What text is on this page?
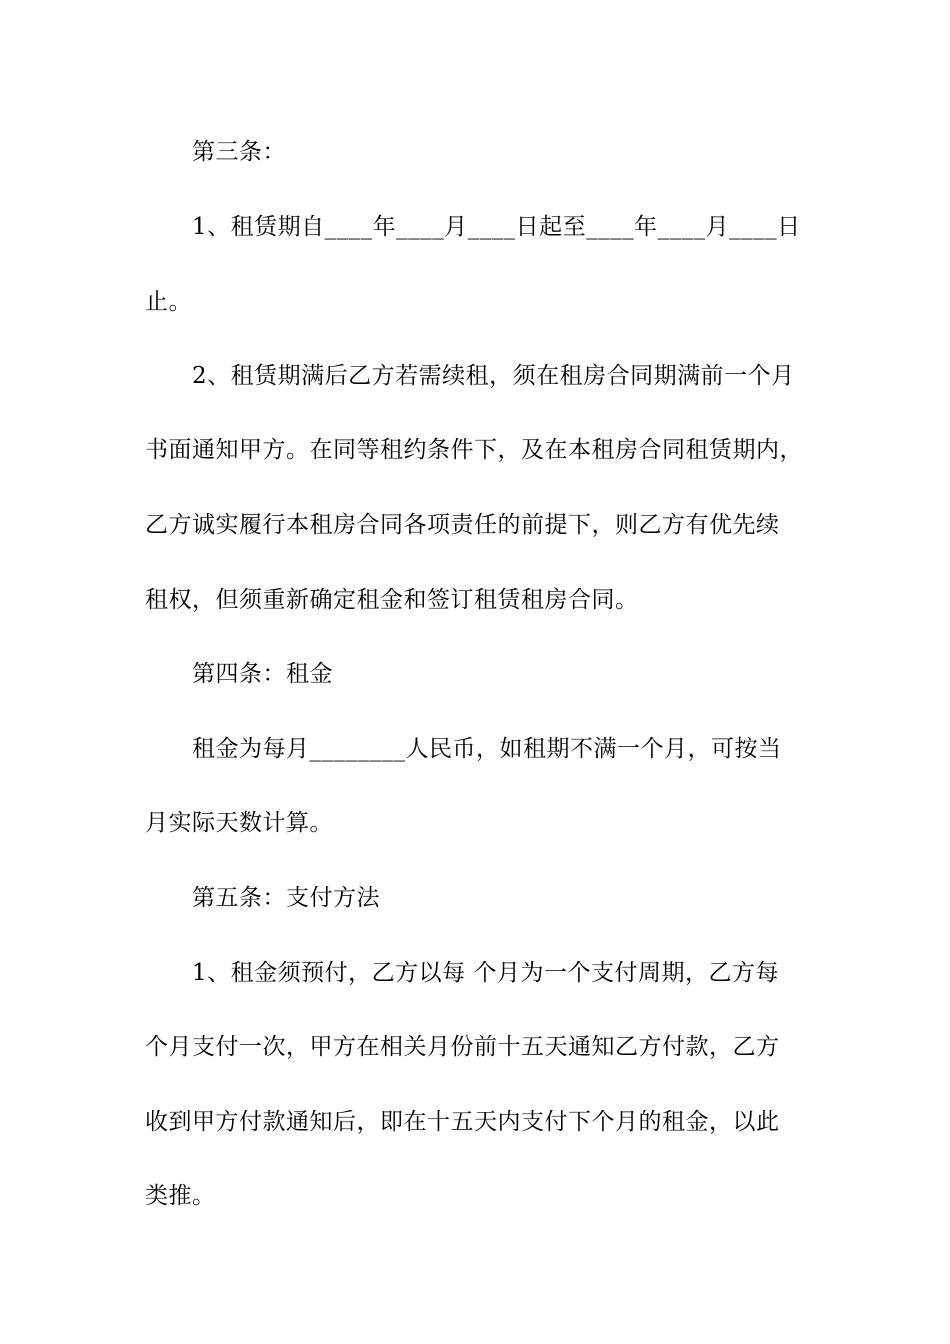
第三条：
1、租赁期自____年____月____日起至____年____月____日
止。
2、租赁期满后乙方若需续租，须在租房合同期满前一个月
书面通知甲方。在同等租约条件下，及在本租房合同租赁期内，
乙方诚实履行本租房合同各项责任的前提下，则乙方有优先续
租权，但须重新确定租金和签订租赁租房合同。
第四条：租金
租金为每月________人民币，如租期不满一个月，可按当
月实际天数计算。
第五条：支付方法
1、租金须预付，乙方以每 个月为一个支付周期，乙方每
个月支付一次，甲方在相关月份前十五天通知乙方付款，乙方
收到甲方付款通知后，即在十五天内支付下个月的租金，以此
类推。
